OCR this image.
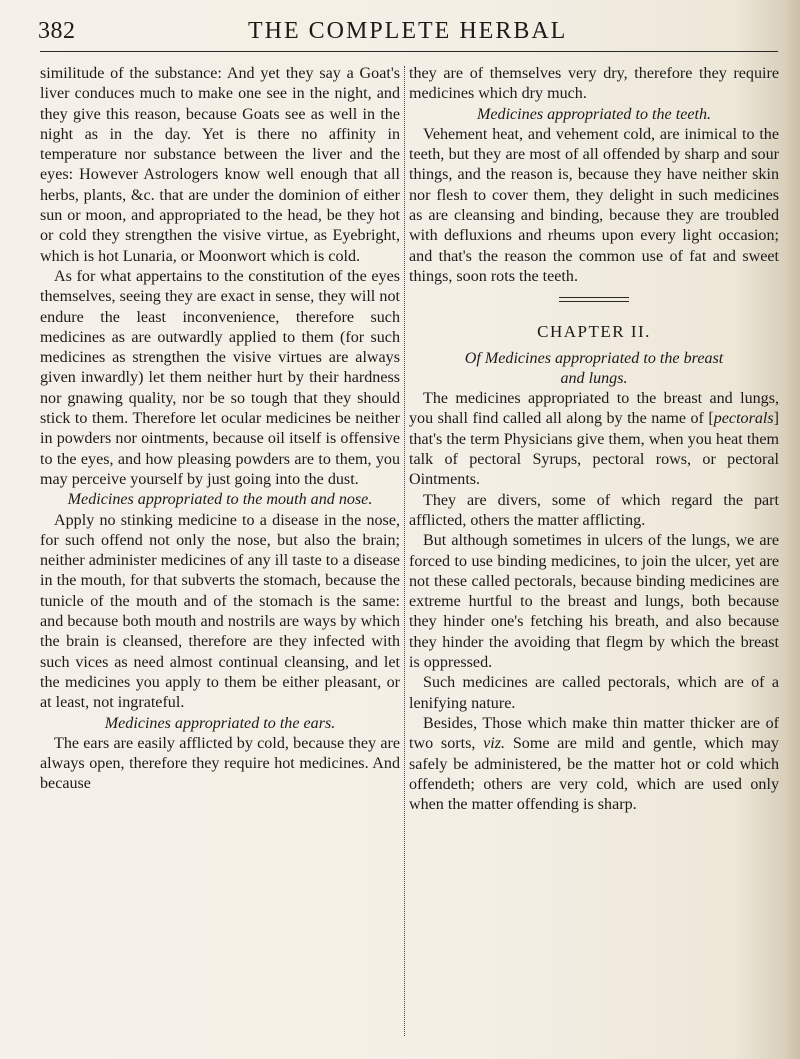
382	THE COMPLETE HERBAL

similitude of the substance: And yet they say a Goat's liver conduces much to make one see in the night, and they give this reason, because Goats see as well in the night as in the day. Yet is there no affinity in temperature nor substance between the liver and the eyes: However Astrologers know well enough that all herbs, plants, &c. that are under the dominion of either sun or moon, and appropriated to the head, be they hot or cold they strengthen the visive virtue, as Eyebright, which is hot Lunaria, or Moonwort which is cold.

As for what appertains to the constitution of the eyes themselves, seeing they are exact in sense, they will not endure the least inconvenience, therefore such medicines as are outwardly applied to them (for such medicines as strengthen the visive virtues are always given inwardly) let them neither hurt by their hardness nor gnawing quality, nor be so tough that they should stick to them. Therefore let ocular medicines be neither in powders nor ointments, because oil itself is offensive to the eyes, and how pleasing powders are to them, you may perceive yourself by just going into the dust.

Medicines appropriated to the mouth and nose.

Apply no stinking medicine to a disease in the nose, for such offend not only the nose, but also the brain; neither administer medicines of any ill taste to a disease in the mouth, for that subverts the stomach, because the tunicle of the mouth and of the stomach is the same: and because both mouth and nostrils are ways by which the brain is cleansed, therefore are they infected with such vices as need almost continual cleansing, and let the medicines you apply to them be either pleasant, or at least, not ingrateful.

Medicines appropriated to the ears.

The ears are easily afflicted by cold, because they are always open, therefore they require hot medicines. And because

they are of themselves very dry, therefore they require medicines which dry much.

Medicines appropriated to the teeth.

Vehement heat, and vehement cold, are inimical to the teeth, but they are most of all offended by sharp and sour things, and the reason is, because they have neither skin nor flesh to cover them, they delight in such medicines as are cleansing and binding, because they are troubled with defluxions and rheums upon every light occasion; and that's the reason the common use of fat and sweet things, soon rots the teeth.

CHAPTER II.

Of Medicines appropriated to the breast
and lungs.

The medicines appropriated to the breast and lungs, you shall find called all along by the name of [pectorals] that's the term Physicians give them, when you heat them talk of pectoral Syrups, pectoral rows, or pectoral Ointments.

They are divers, some of which regard the part afflicted, others the matter afflicting.

But although sometimes in ulcers of the lungs, we are forced to use binding medicines, to join the ulcer, yet are not these called pectorals, because binding medicines are extreme hurtful to the breast and lungs, both because they hinder one's fetching his breath, and also because they hinder the avoiding that flegm by which the breast is oppressed.

Such medicines are called pectorals, which are of a lenifying nature.

Besides, Those which make thin matter thicker are of two sorts, viz. Some are mild and gentle, which may safely be administered, be the matter hot or cold which offendeth; others are very cold, which are used only when the matter offending is sharp.
